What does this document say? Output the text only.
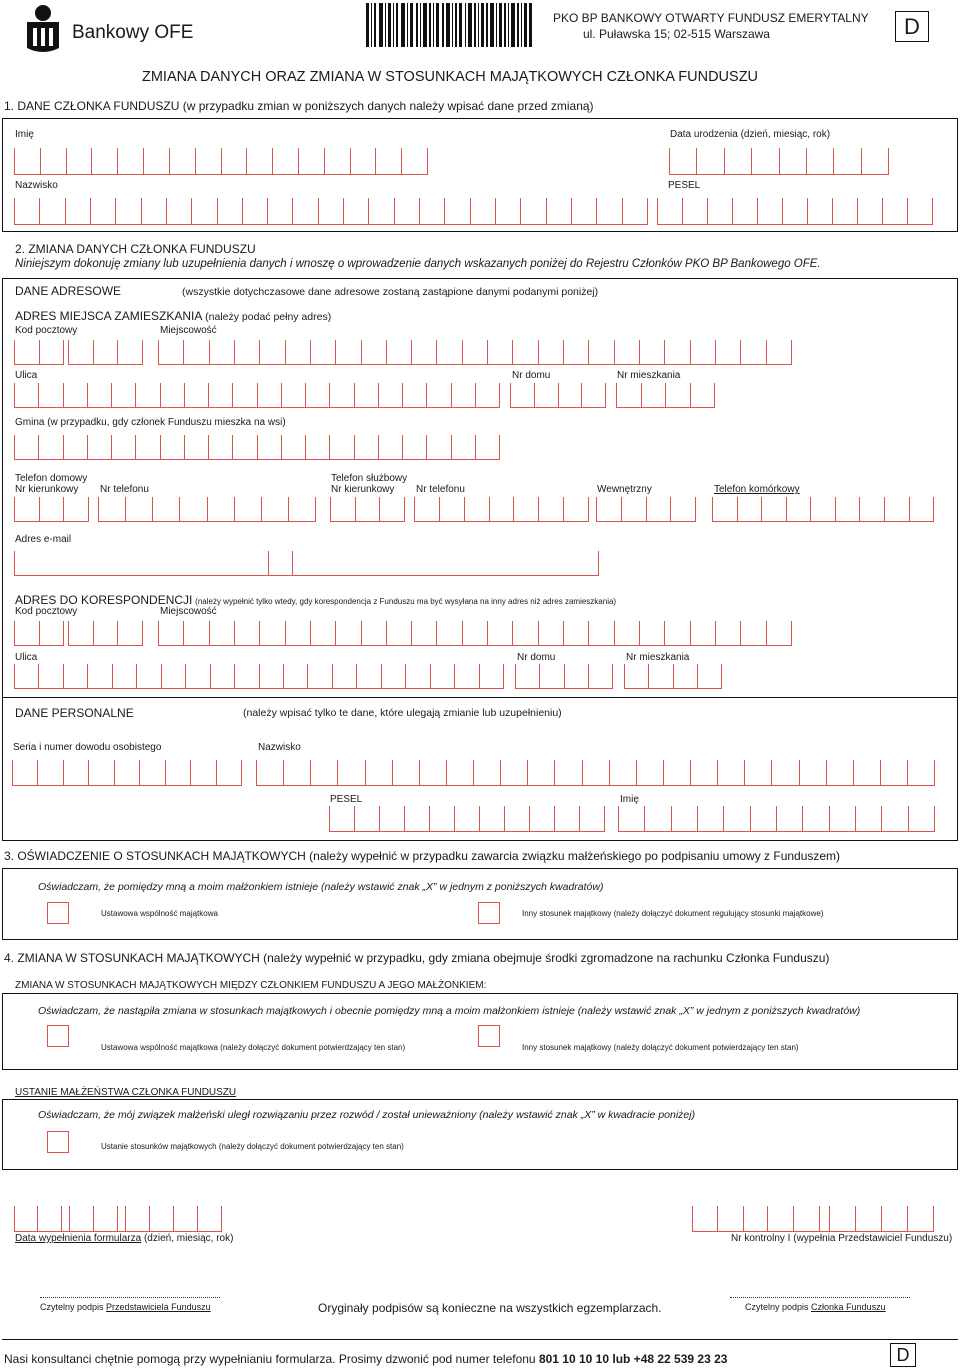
Bankowy OFE
PKO BP BANKOWY OTWARTY FUNDUSZ EMERYTALNY
ul. Puławska 15; 02-515 Warszawa	D
ZMIANA DANYCH ORAZ ZMIANA W STOSUNKACH MAJĄTKOWYCH CZŁONKA FUNDUSZU
1. DANE CZŁONKA FUNDUSZU (w przypadku zmian w poniższych danych należy wpisać dane przed zmianą)
Imię	Data urodzenia (dzień, miesiąc, rok)
Nazwisko	PESEL
2. ZMIANA DANYCH CZŁONKA FUNDUSZU
Niniejszym dokonuję zmiany lub uzupełnienia danych i wnoszę o wprowadzenie danych wskazanych poniżej do Rejestru Członków PKO BP Bankowego OFE.
DANE ADRESOWE	(wszystkie dotychczasowe dane adresowe zostaną zastąpione danymi podanymi poniżej)
ADRES MIEJSCA ZAMIESZKANIA (należy podać pełny adres)
Kod pocztowy	Miejscowość
Ulica	Nr domu	Nr mieszkania
Gmina (w przypadku, gdy członek Funduszu mieszka na wsi)
Telefon domowy	Telefon służbowy
Nr kierunkowy Nr telefonu	Nr kierunkowy Nr telefonu	Wewnętrzny	Telefon komórkowy
Adres e-mail
ADRES DO KORESPONDENCJI (należy wypełnić tylko wtedy, gdy korespondencja z Funduszu ma być wysyłana na inny adres niż adres zamieszkania)
Kod pocztowy	Miejscowość
Ulica	Nr domu	Nr mieszkania
DANE PERSONALNE	(należy wpisać tylko te dane, które ulegają zmianie lub uzupełnieniu)
Seria i numer dowodu osobistego	Nazwisko
PESEL	Imię
3. OŚWIADCZENIE O STOSUNKACH MAJĄTKOWYCH (należy wypełnić w przypadku zawarcia związku małżeńskiego po podpisaniu umowy z Funduszem)
Oświadczam, że pomiędzy mną a moim małżonkiem istnieje (należy wstawić znak „X” w jednym z poniższych kwadratów)
Ustawowa wspólność majątkowa	Inny stosunek majątkowy (należy dołączyć dokument regulujący stosunki majątkowe)
4. ZMIANA W STOSUNKACH MAJĄTKOWYCH (należy wypełnić w przypadku, gdy zmiana obejmuje środki zgromadzone na rachunku Członka Funduszu)
ZMIANA W STOSUNKACH MAJĄTKOWYCH MIĘDZY CZŁONKIEM FUNDUSZU A JEGO MAŁŻONKIEM:
Oświadczam, że nastąpiła zmiana w stosunkach majątkowych i obecnie pomiędzy mną a moim małżonkiem istnieje (należy wstawić znak „X” w jednym z poniższych kwadratów)
Ustawowa wspólność majątkowa (należy dołączyć dokument potwierdzający ten stan)	Inny stosunek majątkowy (należy dołączyć dokument potwierdzający ten stan)
USTANIE MAŁŻEŃSTWA CZŁONKA FUNDUSZU
Oświadczam, że mój związek małżeński uległ rozwiązaniu przez rozwód / został unieważniony (należy wstawić znak „X” w kwadracie poniżej)
Ustanie stosunków majątkowych (należy dołączyć dokument potwierdzający ten stan)
Data wypełnienia formularza (dzień, miesiąc, rok)	Nr kontrolny I (wypełnia Przedstawiciel Funduszu)
Czytelny podpis Przedstawiciela Funduszu	Oryginały podpisów są konieczne na wszystkich egzemplarzach.	Czytelny podpis Członka Funduszu
Nasi konsultanci chętnie pomogą przy wypełnianiu formularza. Prosimy dzwonić pod numer telefonu 801 10 10 10 lub +48 22 539 23 23	D
